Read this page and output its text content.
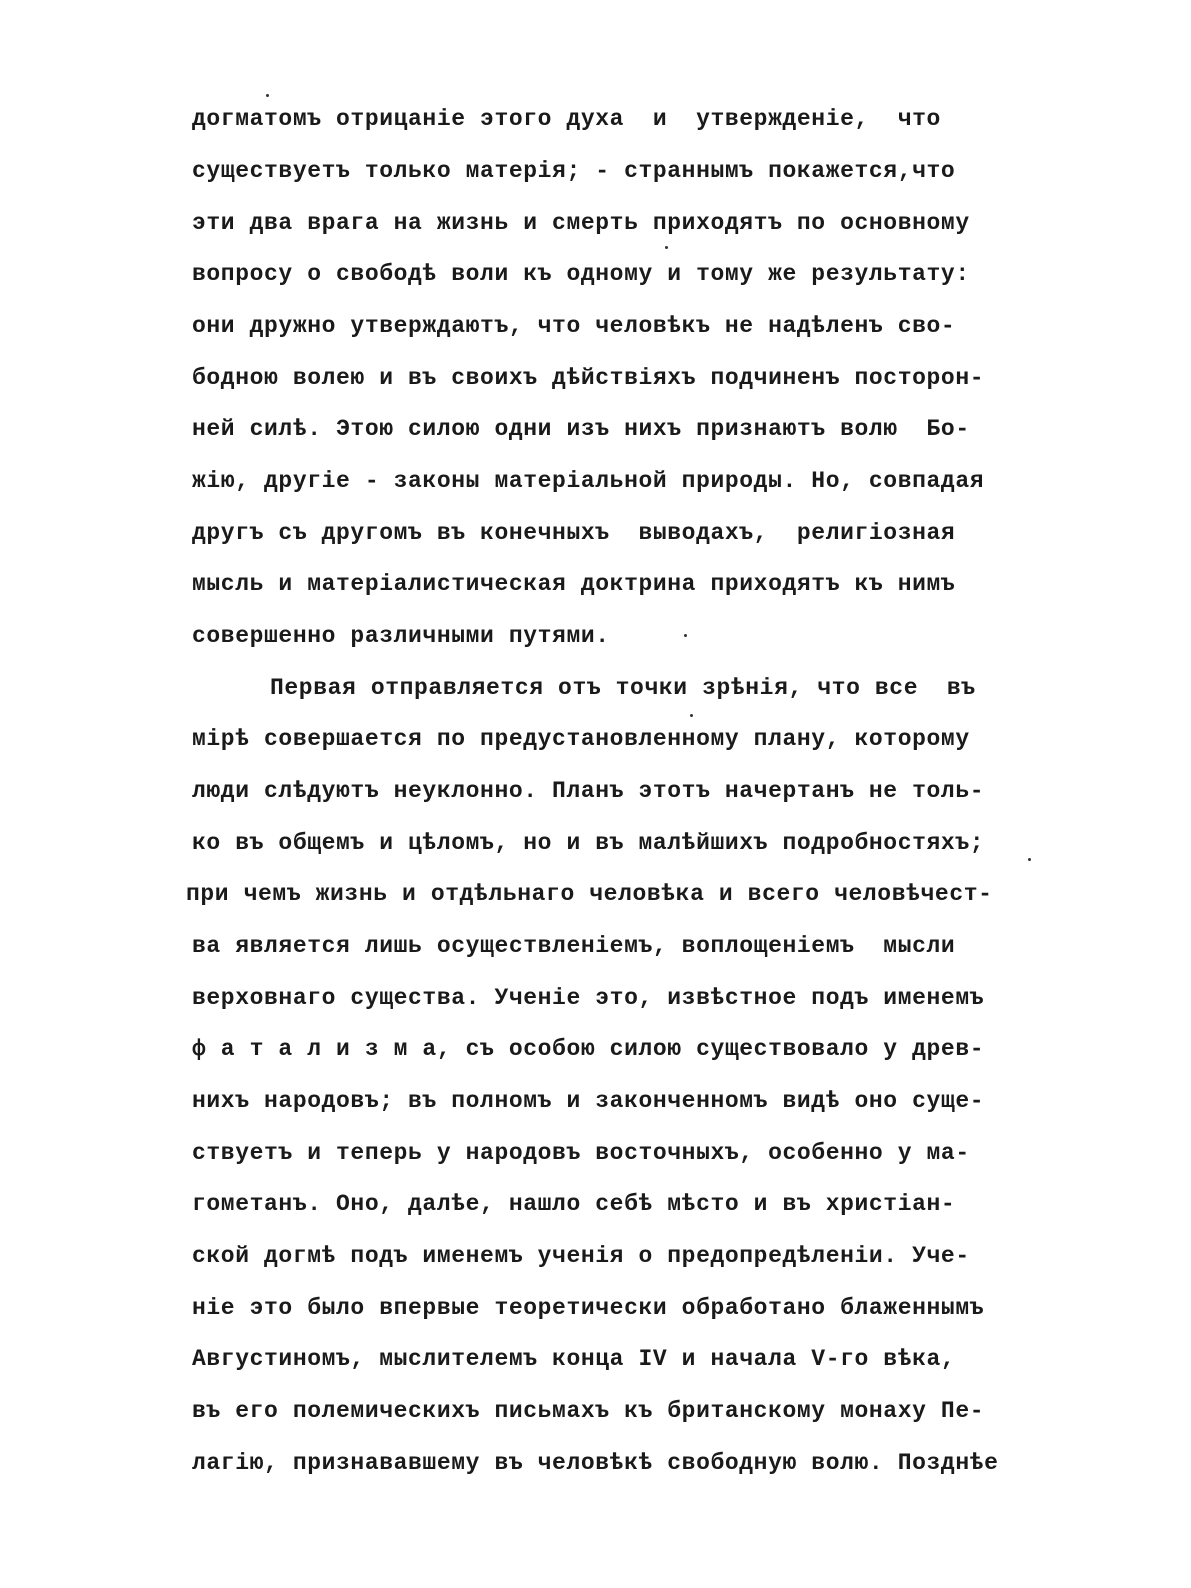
догматомъ отрицаніе этого духа  и  утвержденіе,  что
существуетъ только матерія; - страннымъ покажется,что
эти два врага на жизнь и смерть приходятъ по основному
вопросу о свободѣ воли къ одному и тому же результату:
они дружно утверждаютъ, что человѣкъ не надѣленъ сво-
бодною волею и въ своихъ дѣйствіяхъ подчиненъ посторон-
ней силѣ. Этою силою одни изъ нихъ признаютъ волю  Бо-
жію, другіе - законы матеріальной природы. Но, совпадая
другъ съ другомъ въ конечныхъ  выводахъ,  религіозная
мысль и матеріалистическая доктрина приходятъ къ нимъ
совершенно различными путями.
Первая отправляется отъ точки зрѣнія, что все  въ
мірѣ совершается по предустановленному плану, которому
люди слѣдуютъ неуклонно. Планъ этотъ начертанъ не толь-
ко въ общемъ и цѣломъ, но и въ малѣйшихъ подробностяхъ;
при чемъ жизнь и отдѣльнаго человѣка и всего человѣчест-
ва является лишь осуществленіемъ, воплощеніемъ  мысли
верховнаго существа. Ученіе это, извѣстное подъ именемъ
ф а т а л и з м а, съ особою силою существовало у древ-
нихъ народовъ; въ полномъ и законченномъ видѣ оно суще-
ствуетъ и теперь у народовъ восточныхъ, особенно у ма-
гометанъ. Оно, далѣе, нашло себѣ мѣсто и въ христіан-
ской догмѣ подъ именемъ ученія о предопредѣленіи. Уче-
ніе это было впервые теоретически обработано блаженнымъ
Августиномъ, мыслителемъ конца IV и начала V-го вѣка,
въ его полемическихъ письмахъ къ британскому монаху Пе-
лагію, признававшему въ человѣкѣ свободную волю. Позднѣе
